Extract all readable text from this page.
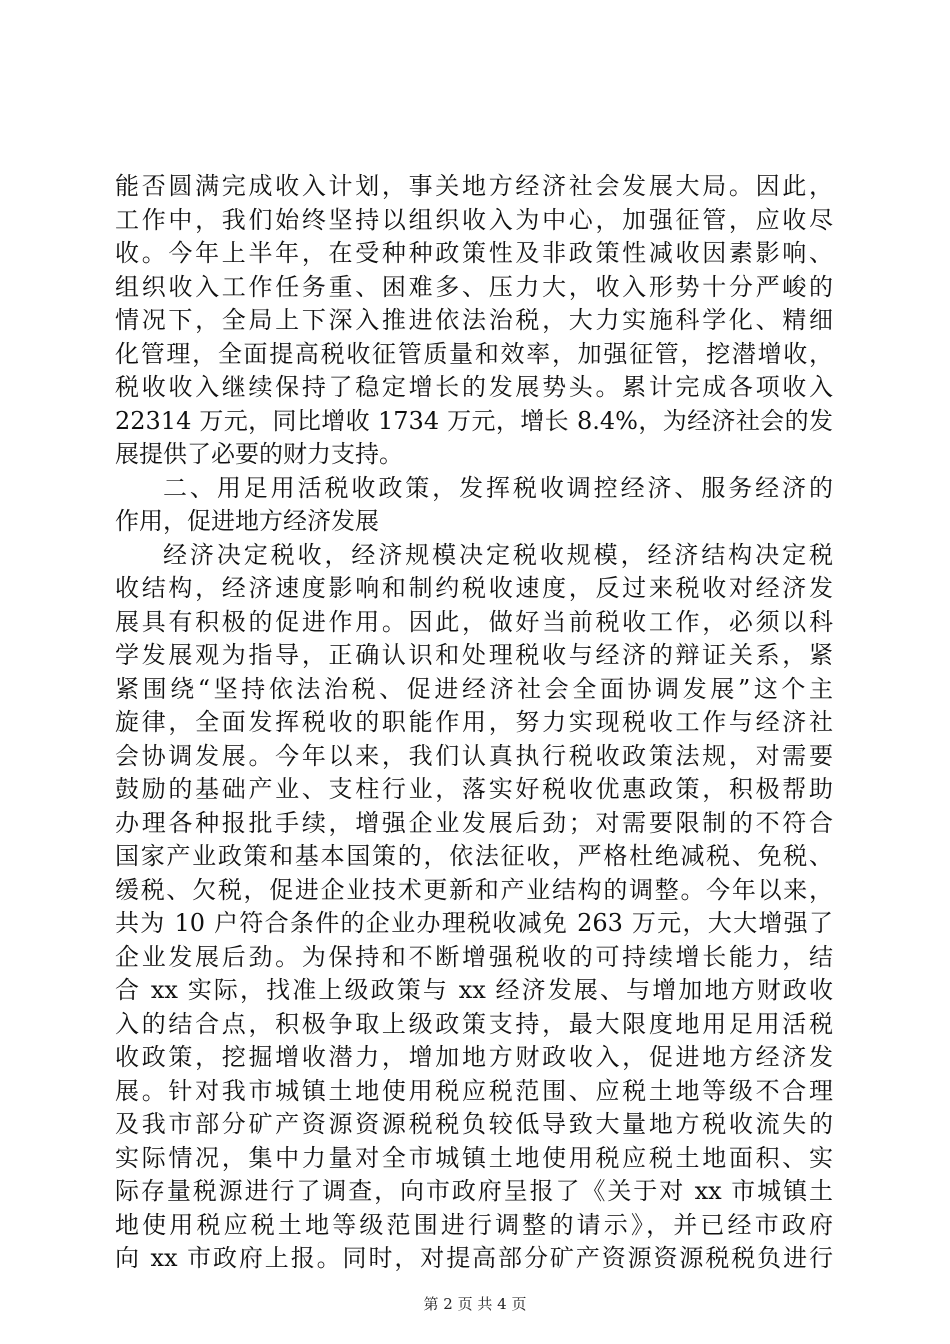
能否圆满完成收入计划，事关地方经济社会发展大局。因此，
工作中，我们始终坚持以组织收入为中心，加强征管，应收尽
收。今年上半年，在受种种政策性及非政策性减收因素影响、
组织收入工作任务重、困难多、压力大，收入形势十分严峻的
情况下，全局上下深入推进依法治税，大力实施科学化、精细
化管理，全面提高税收征管质量和效率，加强征管，挖潜增收，
税收收入继续保持了稳定增长的发展势头。累计完成各项收入
22314 万元，同比增收 1734 万元，增长 8.4%，为经济社会的发
展提供了必要的财力支持。
二、用足用活税收政策，发挥税收调控经济、服务经济的
作用，促进地方经济发展
经济决定税收，经济规模决定税收规模，经济结构决定税
收结构，经济速度影响和制约税收速度，反过来税收对经济发
展具有积极的促进作用。因此，做好当前税收工作，必须以科
学发展观为指导，正确认识和处理税收与经济的辩证关系，紧
紧围绕“坚持依法治税、促进经济社会全面协调发展”这个主
旋律，全面发挥税收的职能作用，努力实现税收工作与经济社
会协调发展。今年以来，我们认真执行税收政策法规，对需要
鼓励的基础产业、支柱行业，落实好税收优惠政策，积极帮助
办理各种报批手续，增强企业发展后劲；对需要限制的不符合
国家产业政策和基本国策的，依法征收，严格杜绝减税、免税、
缓税、欠税，促进企业技术更新和产业结构的调整。今年以来，
共为 10 户符合条件的企业办理税收减免 263 万元，大大增强了
企业发展后劲。为保持和不断增强税收的可持续增长能力，结
合 xx 实际，找准上级政策与 xx 经济发展、与增加地方财政收
入的结合点，积极争取上级政策支持，最大限度地用足用活税
收政策，挖掘增收潜力，增加地方财政收入，促进地方经济发
展。针对我市城镇土地使用税应税范围、应税土地等级不合理
及我市部分矿产资源资源税税负较低导致大量地方税收流失的
实际情况，集中力量对全市城镇土地使用税应税土地面积、实
际存量税源进行了调查，向市政府呈报了《关于对 xx 市城镇土
地使用税应税土地等级范围进行调整的请示》，并已经市政府
向 xx 市政府上报。同时，对提高部分矿产资源资源税税负进行
第 2 页 共 4 页
